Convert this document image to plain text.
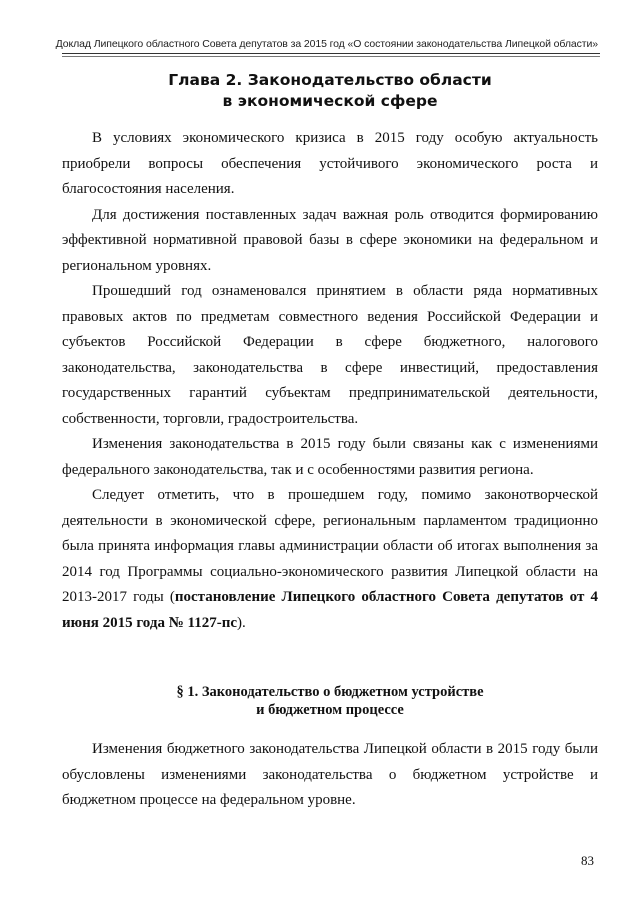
Доклад Липецкого областного Совета депутатов за 2015 год «О состоянии законодательства Липецкой области»
Глава 2. Законодательство области
в экономической сфере

В условиях экономического кризиса в 2015 году особую актуальность приобрели вопросы обеспечения устойчивого экономического роста и благосостояния населения.

Для достижения поставленных задач важная роль отводится формированию эффективной нормативной правовой базы в сфере экономики на федеральном и региональном уровнях.

Прошедший год ознаменовался принятием в области ряда нормативных правовых актов по предметам совместного ведения Российской Федерации и субъектов Российской Федерации в сфере бюджетного, налогового законодательства, законодательства в сфере инвестиций, предоставления государственных гарантий субъектам предпринимательской деятельности, собственности, торговли, градостроительства.

Изменения законодательства в 2015 году были связаны как с изменениями федерального законодательства, так и с особенностями развития региона.

Следует отметить, что в прошедшем году, помимо законотворческой деятельности в экономической сфере, региональным парламентом традиционно была принята информация главы администрации области об итогах выполнения за 2014 год Программы социально-экономического развития Липецкой области на 2013-2017 годы (постановление Липецкого областного Совета депутатов от 4 июня 2015 года № 1127-пс).

§ 1. Законодательство о бюджетном устройстве
и бюджетном процессе

Изменения бюджетного законодательства Липецкой области в 2015 году были обусловлены изменениями законодательства о бюджетном устройстве и бюджетном процессе на федеральном уровне.

83
